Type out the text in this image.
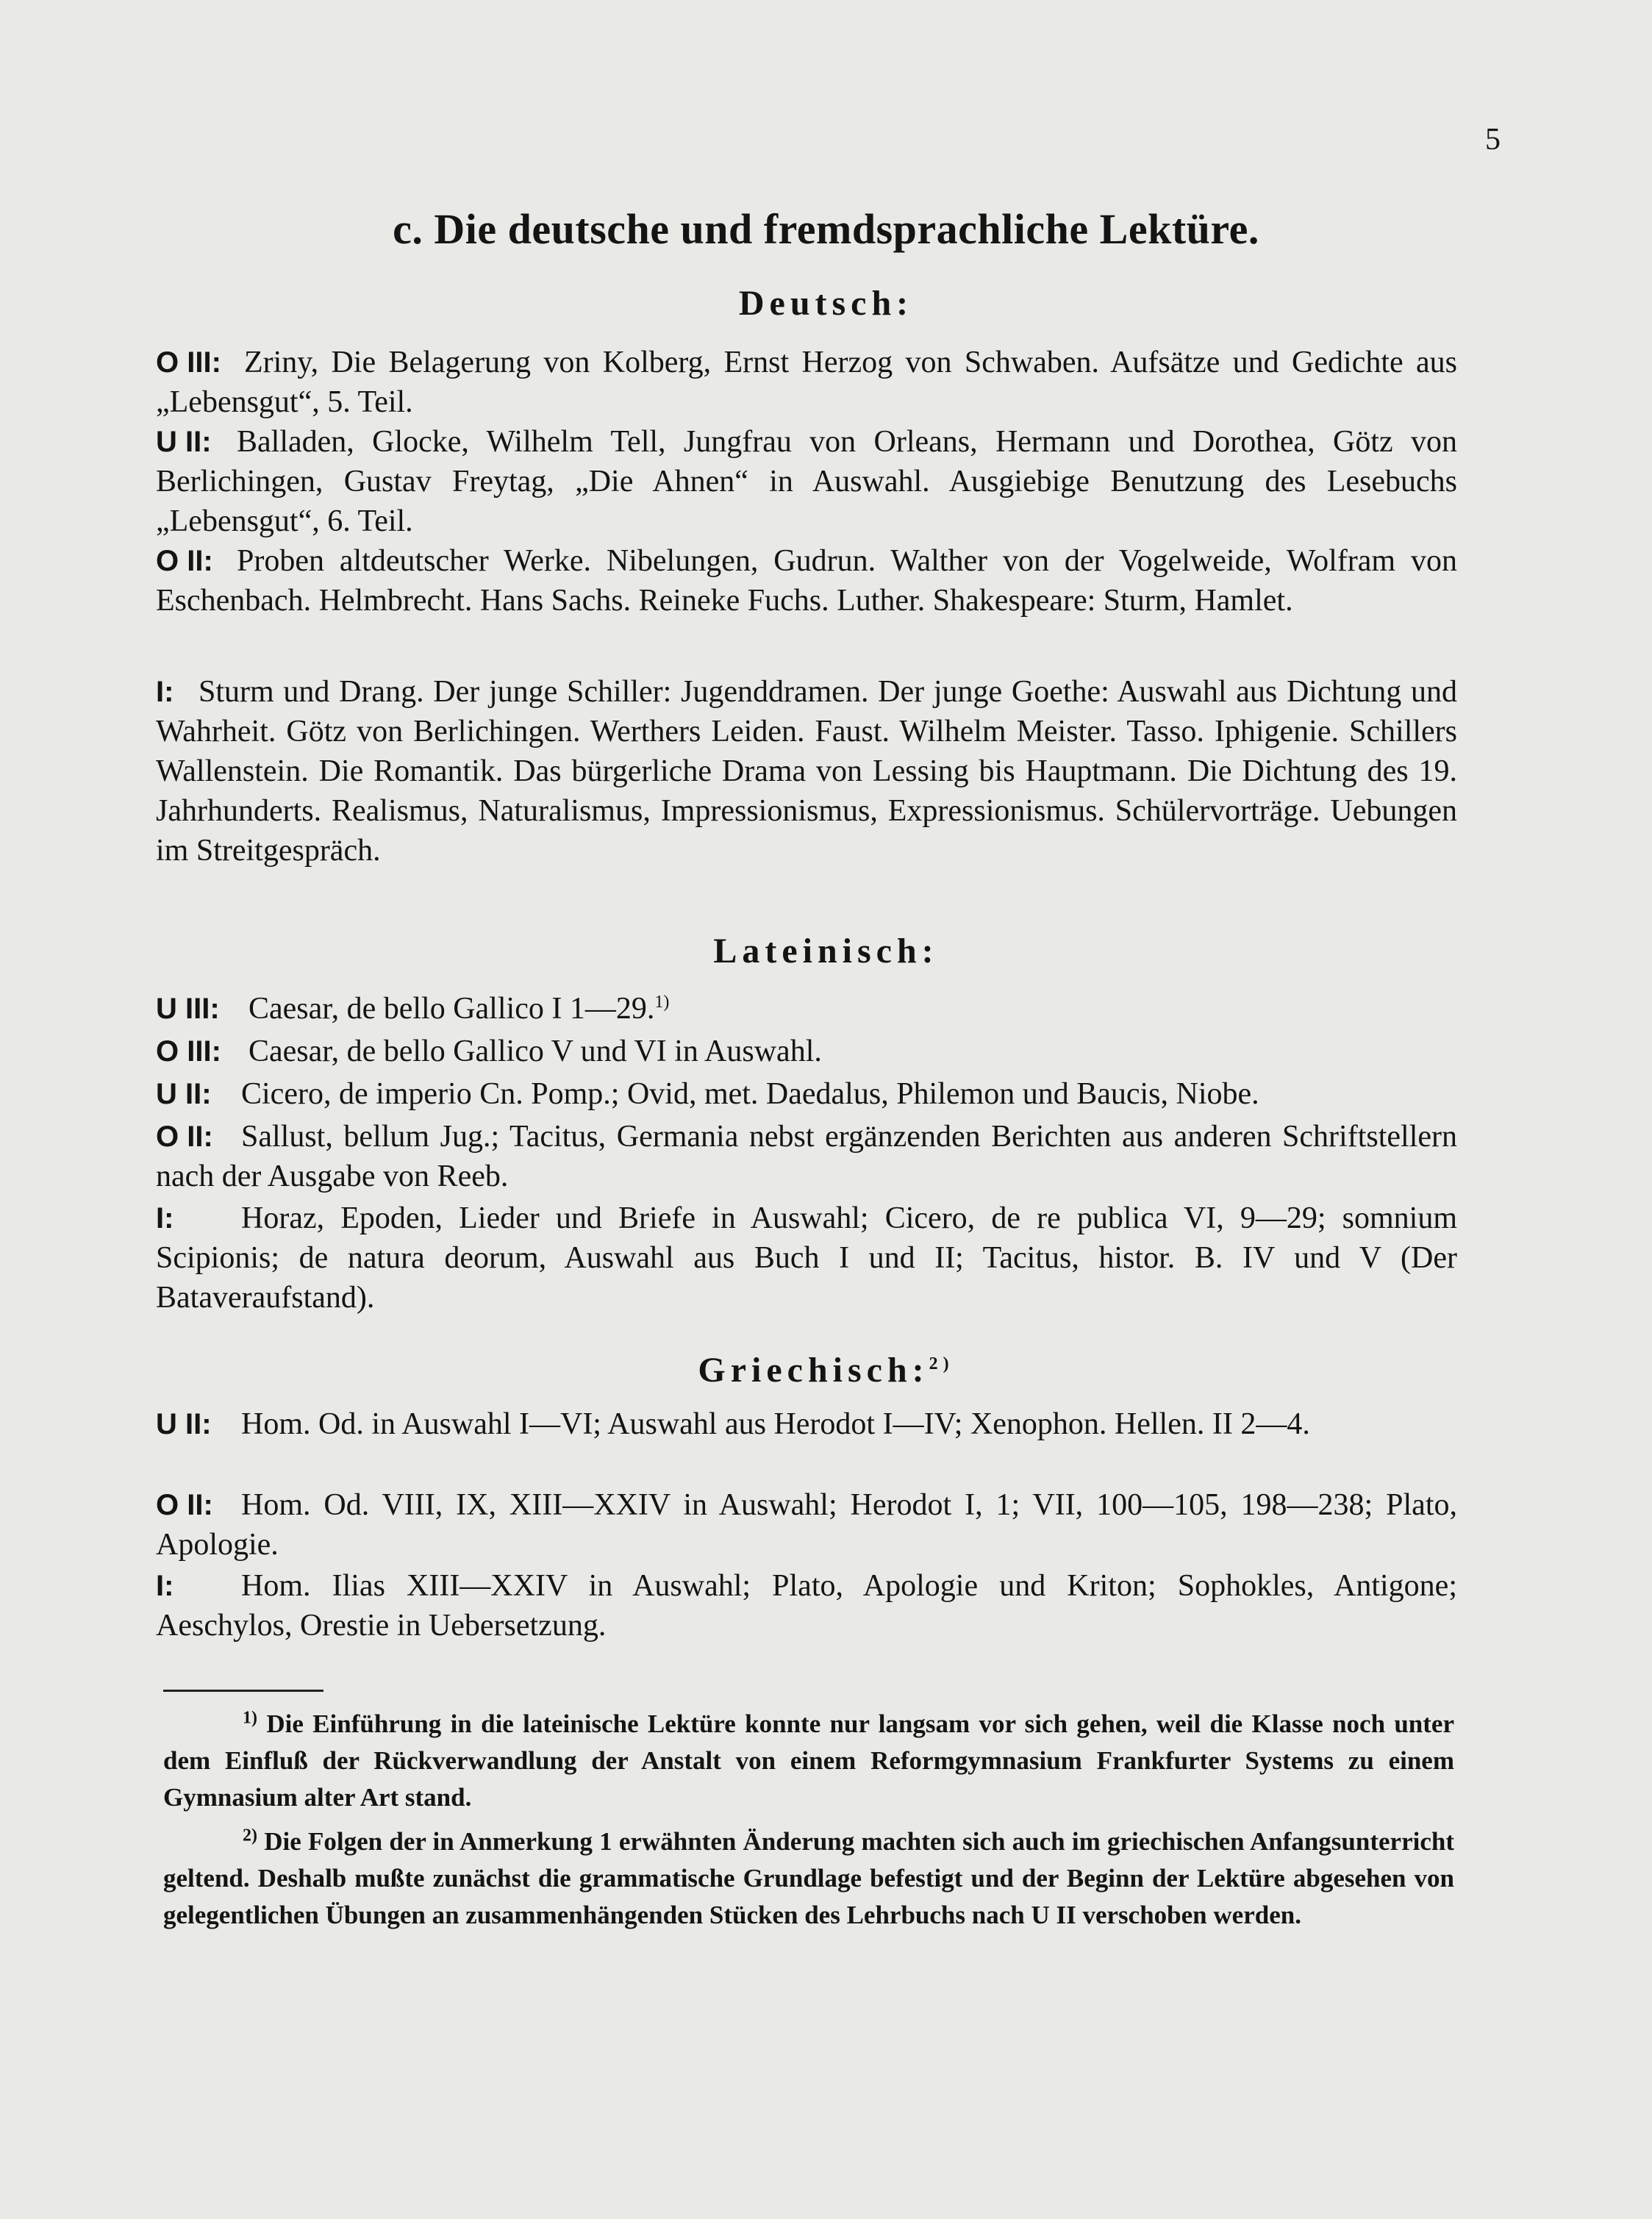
5
c. Die deutsche und fremdsprachliche Lektüre.
Deutsch:
O III: Zriny, Die Belagerung von Kolberg, Ernst Herzog von Schwaben. Aufsätze und Gedichte aus „Lebensgut“, 5. Teil.
U II: Balladen, Glocke, Wilhelm Tell, Jungfrau von Orleans, Hermann und Dorothea, Götz von Berlichingen, Gustav Freytag, „Die Ahnen“ in Auswahl. Ausgiebige Benutzung des Lesebuchs „Lebensgut“, 6. Teil.
O II: Proben altdeutscher Werke. Nibelungen, Gudrun. Walther von der Vogelweide, Wolfram von Eschenbach. Helmbrecht. Hans Sachs. Reineke Fuchs. Luther. Shakespeare: Sturm, Hamlet.
I: Sturm und Drang. Der junge Schiller: Jugenddramen. Der junge Goethe: Auswahl aus Dichtung und Wahrheit. Götz von Berlichingen. Werthers Leiden. Faust. Wilhelm Meister. Tasso. Iphigenie. Schillers Wallenstein. Die Romantik. Das bürgerliche Drama von Lessing bis Hauptmann. Die Dichtung des 19. Jahrhunderts. Realismus, Naturalismus, Impressionismus, Expressionismus. Schülervorträge. Uebungen im Streitgespräch.
Lateinisch:
U III: Caesar, de bello Gallico I 1—29.$^{1)}$
O III: Caesar, de bello Gallico V und VI in Auswahl.
U II: Cicero, de imperio Cn. Pomp.; Ovid, met. Daedalus, Philemon und Baucis, Niobe.
O II: Sallust, bellum Jug.; Tacitus, Germania nebst ergänzenden Berichten aus anderen Schriftstellern nach der Ausgabe von Reeb.
I:	Horaz, Epoden, Lieder und Briefe in Auswahl; Cicero, de re publica VI, 9—29; somnium Scipionis; de natura deorum, Auswahl aus Buch I und II; Tacitus, histor. B. IV und V (Der Bataveraufstand).
Griechisch:$^{2)}$
U II: Hom. Od. in Auswahl I—VI; Auswahl aus Herodot I—IV; Xenophon. Hellen. II 2—4.
O II: Hom. Od. VIII, IX, XIII—XXIV in Auswahl; Herodot I, 1; VII, 100—105, 198—238; Plato, Apologie.
I:	Hom. Ilias XIII—XXIV in Auswahl; Plato, Apologie und Kriton; Sophokles, Antigone; Aeschylos, Orestie in Uebersetzung.
$^{1)}$ Die Einführung in die lateinische Lektüre konnte nur langsam vor sich gehen, weil die Klasse noch unter dem Einfluß der Rückverwandlung der Anstalt von einem Reformgymnasium Frankfurter Systems zu einem Gymnasium alter Art stand.
$^{2)}$ Die Folgen der in Anmerkung 1 erwähnten Änderung machten sich auch im griechischen Anfangsunterricht geltend. Deshalb mußte zunächst die grammatische Grundlage befestigt und der Beginn der Lektüre abgesehen von gelegentlichen Übungen an zusammenhängenden Stücken des Lehrbuchs nach U II verschoben werden.
